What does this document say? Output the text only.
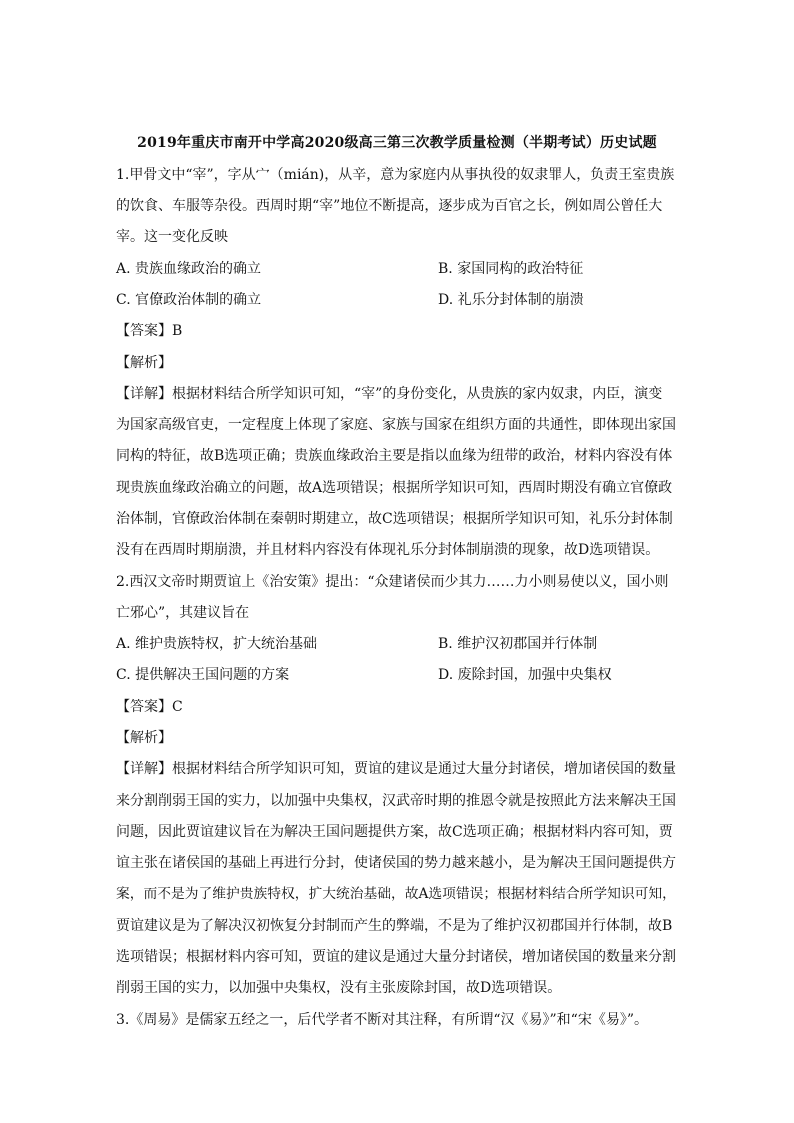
2019年重庆市南开中学高2020级高三第三次教学质量检测（半期考试）历史试题
1.甲骨文中“宰”，字从宀（mián)，从辛，意为家庭内从事执役的奴隶罪人，负责王室贵族
的饮食、车服等杂役。西周时期“宰”地位不断提高，逐步成为百官之长，例如周公曾任大
宰。这一变化反映
A. 贵族血缘政治的确立	B. 家国同构的政治特征
C. 官僚政治体制的确立	D. 礼乐分封体制的崩溃
【答案】B
【解析】
【详解】根据材料结合所学知识可知，“宰”的身份变化，从贵族的家内奴隶，内臣，演变
为国家高级官吏，一定程度上体现了家庭、家族与国家在组织方面的共通性，即体现出家国
同构的特征，故B选项正确；贵族血缘政治主要是指以血缘为纽带的政治，材料内容没有体
现贵族血缘政治确立的问题，故A选项错误；根据所学知识可知，西周时期没有确立官僚政
治体制，官僚政治体制在秦朝时期建立，故C选项错误；根据所学知识可知，礼乐分封体制
没有在西周时期崩溃，并且材料内容没有体现礼乐分封体制崩溃的现象，故D选项错误。
2.西汉文帝时期贾谊上《治安策》提出：“众建诸侯而少其力……力小则易使以义，国小则
亡邪心”，其建议旨在
A. 维护贵族特权，扩大统治基础	B. 维护汉初郡国并行体制
C. 提供解决王国问题的方案	D. 废除封国，加强中央集权
【答案】C
【解析】
【详解】根据材料结合所学知识可知，贾谊的建议是通过大量分封诸侯，增加诸侯国的数量
来分割削弱王国的实力，以加强中央集权，汉武帝时期的推恩令就是按照此方法来解决王国
问题，因此贾谊建议旨在为解决王国问题提供方案，故C选项正确；根据材料内容可知，贾
谊主张在诸侯国的基础上再进行分封，使诸侯国的势力越来越小，是为解决王国问题提供方
案，而不是为了维护贵族特权，扩大统治基础，故A选项错误；根据材料结合所学知识可知，
贾谊建议是为了解决汉初恢复分封制而产生的弊端，不是为了维护汉初郡国并行体制，故B
选项错误；根据材料内容可知，贾谊的建议是通过大量分封诸侯，增加诸侯国的数量来分割
削弱王国的实力，以加强中央集权，没有主张废除封国，故D选项错误。
3.《周易》是儒家五经之一，后代学者不断对其注释，有所谓“汉《易》”和“宋《易》”。
